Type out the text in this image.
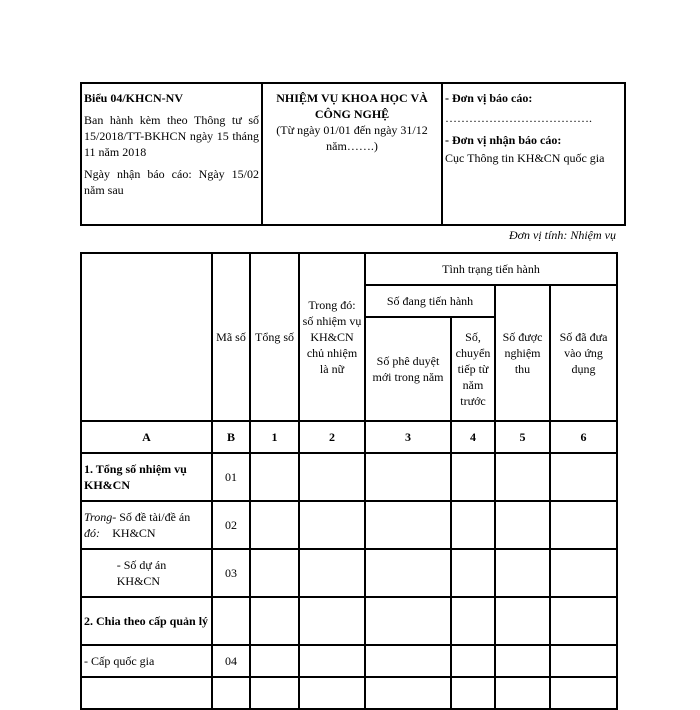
Biểu 04/KHCN-NV
Ban hành kèm theo Thông tư số 15/2018/TT-BKHCN ngày 15 tháng 11 năm 2018
Ngày nhận báo cáo: Ngày 15/02 năm sau

NHIỆM VỤ KHOA HỌC VÀ CÔNG NGHỆ
(Từ ngày 01/01 đến ngày 31/12 năm…….)

- Đơn vị báo cáo:
……………………………….
- Đơn vị nhận báo cáo:
Cục Thông tin KH&CN quốc gia
Đơn vị tính: Nhiệm vụ
	Mã số	Tổng số	Trong đó: số nhiệm vụ KH&CN chủ nhiệm là nữ	Tình trạng tiến hành			
				Số đang tiến hành		Số được nghiệm thu	Số đã đưa vào ứng dụng
				Số phê duyệt mới trong năm	Số, chuyển tiếp từ năm trước		
A	B	1	2	3	4	5	6
1. Tổng số nhiệm vụ KH&CN	01						

Trong đó:
- Số đề tài/đề án KH&CN	02						

- Số dự án KH&CN	03						
2. Chia theo cấp quản lý							
- Cấp quốc gia	04						
